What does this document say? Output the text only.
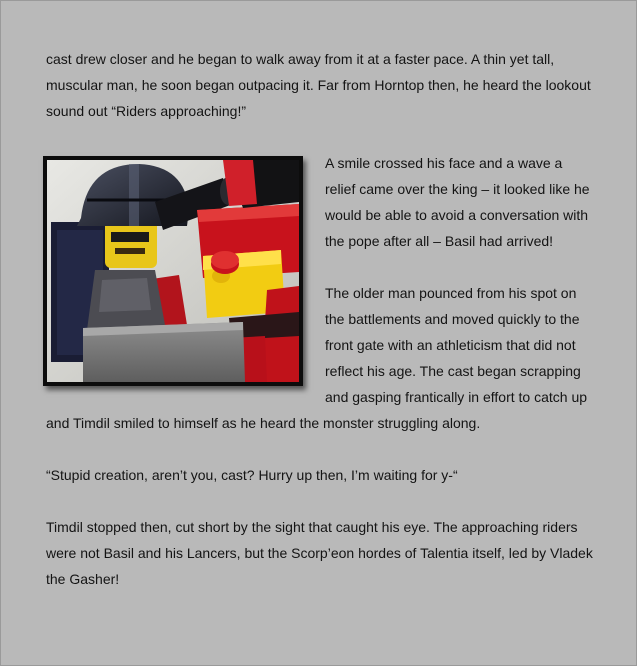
cast drew closer and he began to walk away from it at a faster pace. A thin yet tall, muscular man, he soon began outpacing it. Far from Horntop then, he heard the lookout sound out “Riders approaching!”

A smile crossed his face and a wave a relief came over the king – it looked like he would be able to avoid a conversation with the pope after all – Basil had arrived!

The older man pounced from his spot on the battlements and moved quickly to the front gate with an athleticism that did not reflect his age. The cast began scrapping and gasping frantically in effort to catch up and Timdil smiled to himself as he heard the monster struggling along.

“Stupid creation, aren’t you, cast? Hurry up then, I’m waiting for y-“

Timdil stopped then, cut short by the sight that caught his eye. The approaching riders were not Basil and his Lancers, but the Scorp’eon hordes of Talentia itself, led by Vladek the Gasher!
